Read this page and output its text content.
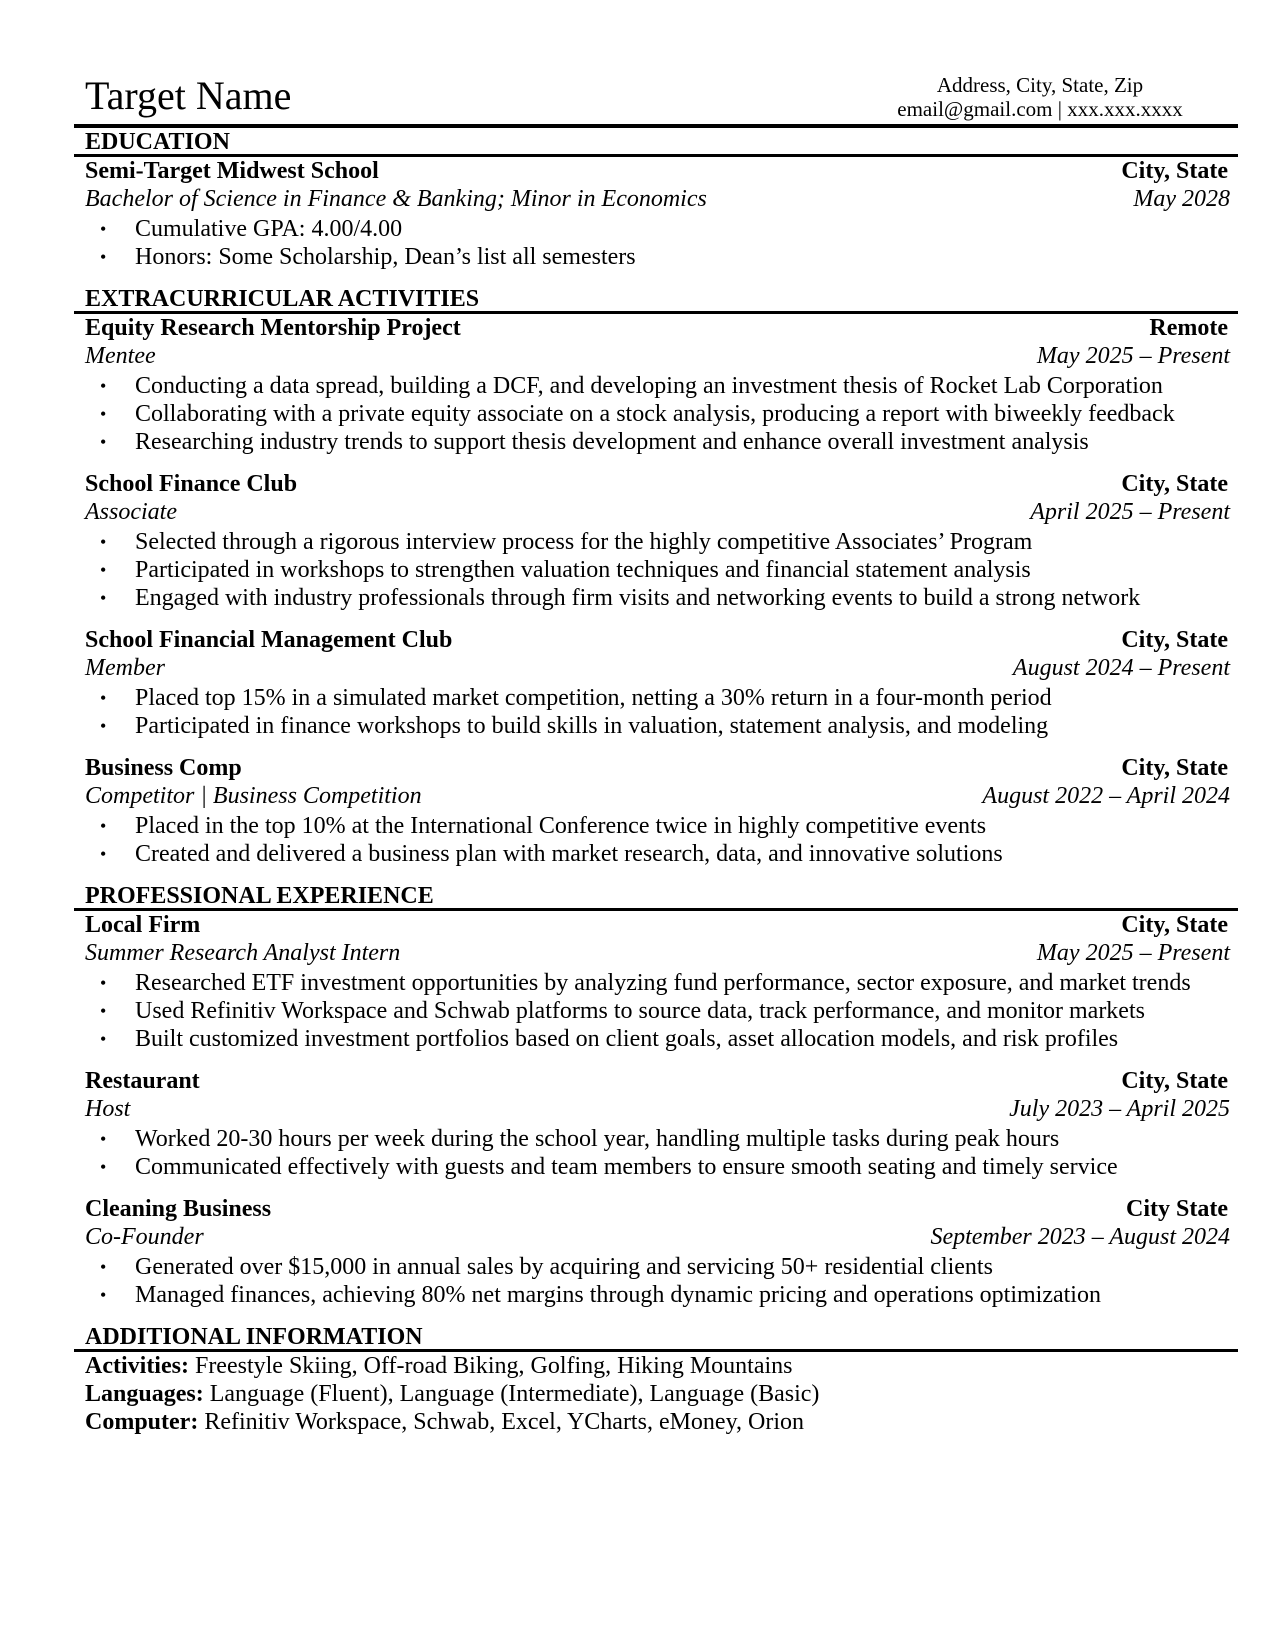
Target Name	Address, City, State, Zip
email@gmail.com | xxx.xxx.xxxx
EDUCATION
Semi-Target Midwest School	City, State
Bachelor of Science in Finance & Banking; Minor in Economics	May 2028
• Cumulative GPA: 4.00/4.00
• Honors: Some Scholarship, Dean’s list all semesters
EXTRACURRICULAR ACTIVITIES
Equity Research Mentorship Project	Remote
Mentee	May 2025 – Present
• Conducting a data spread, building a DCF, and developing an investment thesis of Rocket Lab Corporation
• Collaborating with a private equity associate on a stock analysis, producing a report with biweekly feedback
• Researching industry trends to support thesis development and enhance overall investment analysis
School Finance Club	City, State
Associate	April 2025 – Present
• Selected through a rigorous interview process for the highly competitive Associates’ Program
• Participated in workshops to strengthen valuation techniques and financial statement analysis
• Engaged with industry professionals through firm visits and networking events to build a strong network
School Financial Management Club	City, State
Member	August 2024 – Present
• Placed top 15% in a simulated market competition, netting a 30% return in a four-month period
• Participated in finance workshops to build skills in valuation, statement analysis, and modeling
Business Comp	City, State
Competitor | Business Competition	August 2022 – April 2024
• Placed in the top 10% at the International Conference twice in highly competitive events
• Created and delivered a business plan with market research, data, and innovative solutions
PROFESSIONAL EXPERIENCE
Local Firm	City, State
Summer Research Analyst Intern	May 2025 – Present
• Researched ETF investment opportunities by analyzing fund performance, sector exposure, and market trends
• Used Refinitiv Workspace and Schwab platforms to source data, track performance, and monitor markets
• Built customized investment portfolios based on client goals, asset allocation models, and risk profiles
Restaurant	City, State
Host	July 2023 – April 2025
• Worked 20-30 hours per week during the school year, handling multiple tasks during peak hours
• Communicated effectively with guests and team members to ensure smooth seating and timely service
Cleaning Business	City State
Co-Founder	September 2023 – August 2024
• Generated over $15,000 in annual sales by acquiring and servicing 50+ residential clients
• Managed finances, achieving 80% net margins through dynamic pricing and operations optimization
ADDITIONAL INFORMATION
Activities: Freestyle Skiing, Off-road Biking, Golfing, Hiking Mountains
Languages: Language (Fluent), Language (Intermediate), Language (Basic)
Computer: Refinitiv Workspace, Schwab, Excel, YCharts, eMoney, Orion
